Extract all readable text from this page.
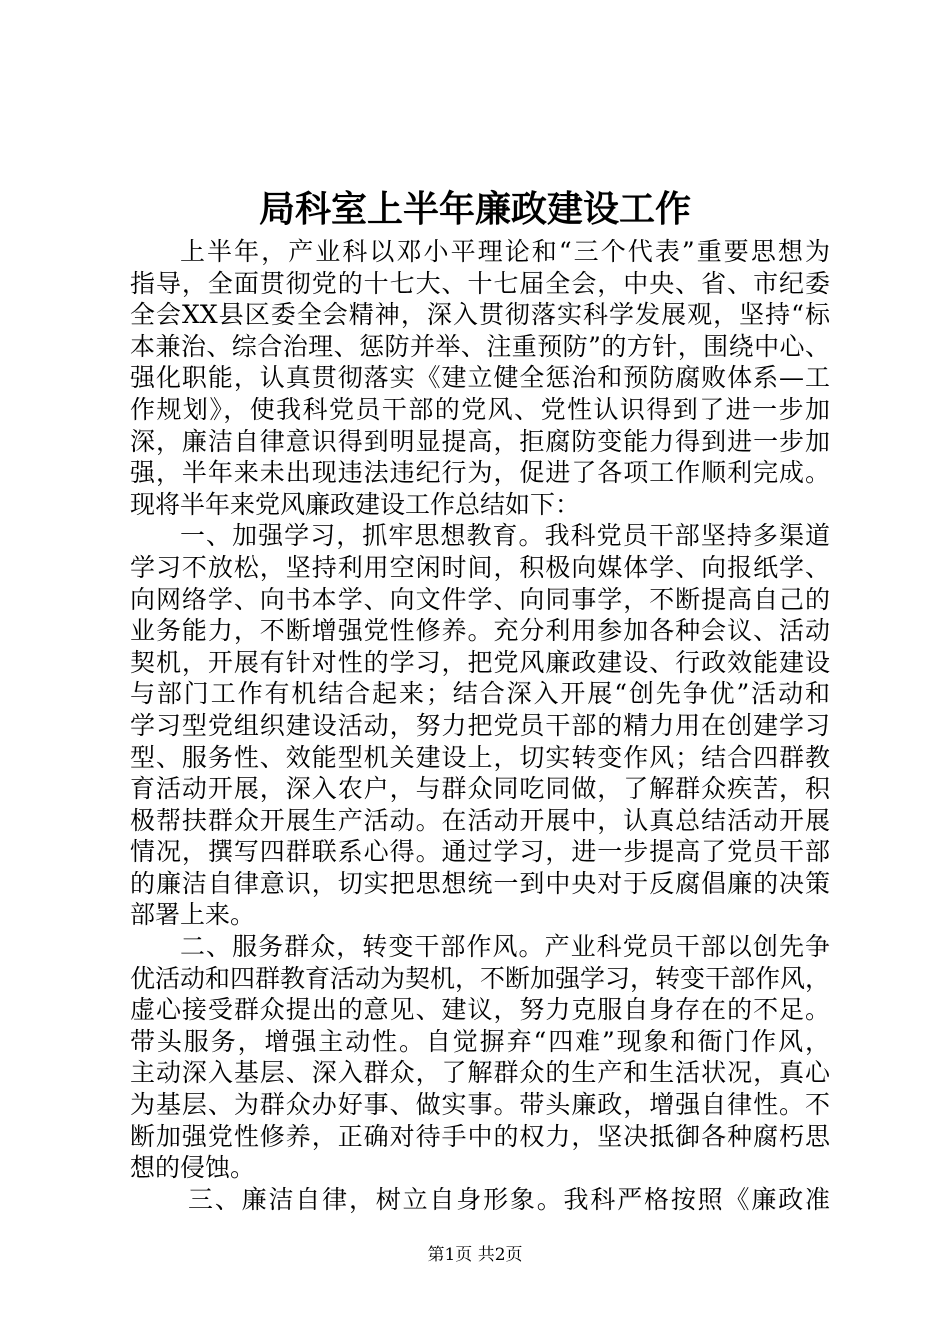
局科室上半年廉政建设工作
上半年，产业科以邓小平理论和“三个代表”重要思想为
指导，全面贯彻党的十七大、十七届全会，中央、省、市纪委
全会XX县区委全会精神，深入贯彻落实科学发展观，坚持“标
本兼治、综合治理、惩防并举、注重预防”的方针，围绕中心、
强化职能，认真贯彻落实《建立健全惩治和预防腐败体系—工
作规划》，使我科党员干部的党风、党性认识得到了进一步加
深，廉洁自律意识得到明显提高，拒腐防变能力得到进一步加
强，半年来未出现违法违纪行为，促进了各项工作顺利完成。
现将半年来党风廉政建设工作总结如下：
一、加强学习，抓牢思想教育。我科党员干部坚持多渠道
学习不放松，坚持利用空闲时间，积极向媒体学、向报纸学、
向网络学、向书本学、向文件学、向同事学，不断提高自己的
业务能力，不断增强党性修养。充分利用参加各种会议、活动
契机，开展有针对性的学习，把党风廉政建设、行政效能建设
与部门工作有机结合起来；结合深入开展“创先争优”活动和
学习型党组织建设活动，努力把党员干部的精力用在创建学习
型、服务性、效能型机关建设上，切实转变作风；结合四群教
育活动开展，深入农户，与群众同吃同做，了解群众疾苦，积
极帮扶群众开展生产活动。在活动开展中，认真总结活动开展
情况，撰写四群联系心得。通过学习，进一步提高了党员干部
的廉洁自律意识，切实把思想统一到中央对于反腐倡廉的决策
部署上来。
二、服务群众，转变干部作风。产业科党员干部以创先争
优活动和四群教育活动为契机，不断加强学习，转变干部作风，
虚心接受群众提出的意见、建议，努力克服自身存在的不足。
带头服务，增强主动性。自觉摒弃“四难”现象和衙门作风，
主动深入基层、深入群众，了解群众的生产和生活状况，真心
为基层、为群众办好事、做实事。带头廉政，增强自律性。不
断加强党性修养，正确对待手中的权力，坚决抵御各种腐朽思
想的侵蚀。
三、廉洁自律，树立自身形象。我科严格按照《廉政准
第1页 共2页
